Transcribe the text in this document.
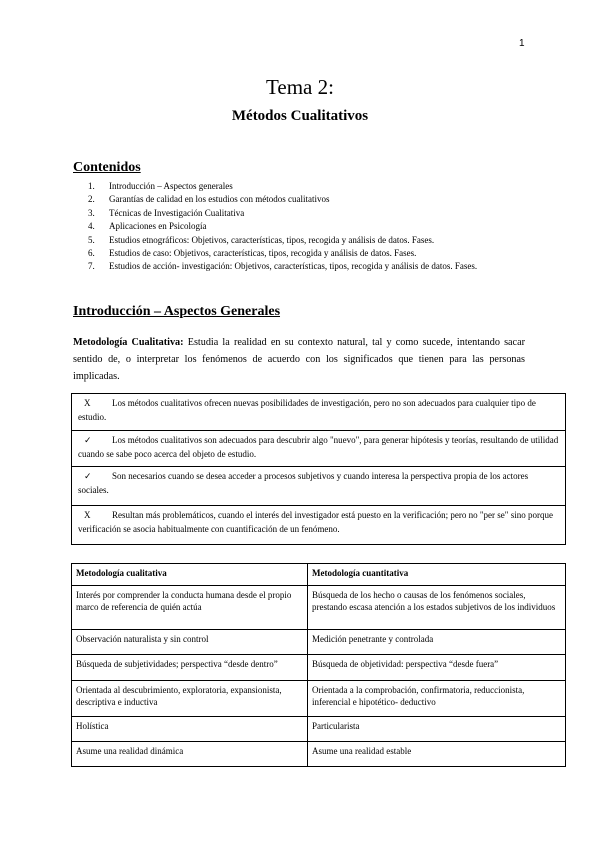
1
Tema 2:
Métodos Cualitativos
Contenidos
1. Introducción – Aspectos generales
2. Garantías de calidad en los estudios con métodos cualitativos
3. Técnicas de Investigación Cualitativa
4. Aplicaciones en Psicología
5. Estudios etnográficos: Objetivos, características, tipos, recogida y análisis de datos. Fases.
6. Estudios de caso: Objetivos, características, tipos, recogida y análisis de datos. Fases.
7. Estudios de acción- investigación: Objetivos, características, tipos, recogida y análisis de datos. Fases.
Introducción – Aspectos Generales

Metodología Cualitativa: Estudia la realidad en su contexto natural, tal y como sucede, intentando sacar sentido de, o interpretar los fenómenos de acuerdo con los significados que tienen para las personas implicadas.

X Los métodos cualitativos ofrecen nuevas posibilidades de investigación, pero no son adecuados para cualquier tipo de estudio.
✓ Los métodos cualitativos son adecuados para descubrir algo "nuevo", para generar hipótesis y teorías, resultando de utilidad cuando se sabe poco acerca del objeto de estudio.
✓ Son necesarios cuando se desea acceder a procesos subjetivos y cuando interesa la perspectiva propia de los actores sociales.
X Resultan más problemáticos, cuando el interés del investigador está puesto en la verificación; pero no "per se" sino porque verificación se asocia habitualmente con cuantificación de un fenómeno.
Metodología cualitativa	Metodología cuantitativa
Interés por comprender la conducta humana desde el propio marco de referencia de quién actúa	Búsqueda de los hecho o causas de los fenómenos sociales, prestando escasa atención a los estados subjetivos de los individuos
Observación naturalista y sin control	Medición penetrante y controlada
Búsqueda de subjetividades; perspectiva “desde dentro”	Búsqueda de objetividad: perspectiva “desde fuera”
Orientada al descubrimiento, exploratoria, expansionista, descriptiva e inductiva	Orientada a la comprobación, confirmatoria, reduccionista, inferencial e hipotético- deductivo
Holística	Particularista
Asume una realidad dinámica	Asume una realidad estable
